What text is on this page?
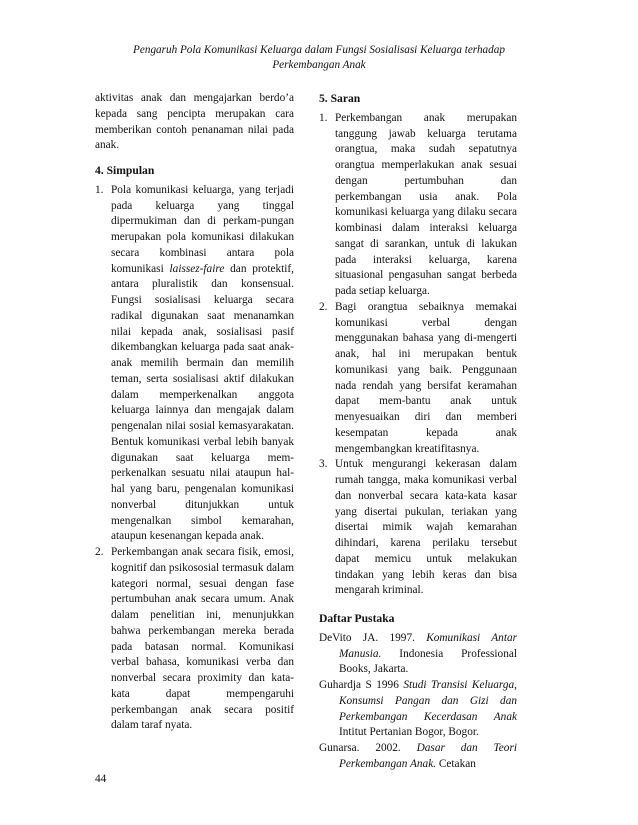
Pengaruh Pola Komunikasi Keluarga dalam Fungsi Sosialisasi Keluarga terhadap
Perkembangan Anak

aktivitas anak dan mengajarkan berdo’a kepada sang pencipta merupakan cara memberikan contoh penanaman nilai pada anak.

4. Simpulan
1. Pola komunikasi keluarga, yang terjadi pada keluarga yang tinggal dipermukiman dan di perkam-pungan merupakan pola komunikasi dilakukan secara kombinasi antara pola komunikasi laissez-faire dan protektif, antara pluralistik dan konsensual. Fungsi sosialisasi keluarga secara radikal digunakan saat menanamkan nilai kepada anak, sosialisasi pasif dikembangkan keluarga pada saat anak-anak memilih bermain dan memilih teman, serta sosialisasi aktif dilakukan dalam memperkenalkan anggota keluarga lainnya dan mengajak dalam pengenalan nilai sosial kemasyarakatan. Bentuk komunikasi verbal lebih banyak digunakan saat keluarga mem-perkenalkan sesuatu nilai ataupun hal-hal yang baru, pengenalan komunikasi nonverbal ditunjukkan untuk mengenalkan simbol kemarahan, ataupun kesenangan kepada anak.
2. Perkembangan anak secara fisik, emosi, kognitif dan psikososial termasuk dalam kategori normal, sesuai dengan fase pertumbuhan anak secara umum. Anak dalam penelitian ini, menunjukkan bahwa perkembangan mereka berada pada batasan normal. Komunikasi verbal bahasa, komunikasi verba dan nonverbal secara proximity dan kata-kata dapat mempengaruhi perkembangan anak secara positif dalam taraf nyata.
5. Saran
1. Perkembangan anak merupakan tanggung jawab keluarga terutama orangtua, maka sudah sepatutnya orangtua memperlakukan anak sesuai dengan pertumbuhan dan perkembangan usia anak. Pola komunikasi keluarga yang dilaku secara kombinasi dalam interaksi keluarga sangat di sarankan, untuk di lakukan pada interaksi keluarga, karena situasional pengasuhan sangat berbeda pada setiap keluarga.
2. Bagi orangtua sebaiknya memakai komunikasi verbal dengan menggunakan bahasa yang di-mengerti anak, hal ini merupakan bentuk komunikasi yang baik. Penggunaan nada rendah yang bersifat keramahan dapat mem-bantu anak untuk menyesuaikan diri dan memberi kesempatan kepada anak mengembangkan kreatifitasnya.
3. Untuk mengurangi kekerasan dalam rumah tangga, maka komunikasi verbal dan nonverbal secara kata-kata kasar yang disertai pukulan, teriakan yang disertai mimik wajah kemarahan dihindari, karena perilaku tersebut dapat memicu untuk melakukan tindakan yang lebih keras dan bisa mengarah kriminal.
Daftar Pustaka
DeVito JA. 1997. Komunikasi Antar Manusia. Indonesia Professional Books, Jakarta.
Guhardja S 1996 Studi Transisi Keluarga, Konsumsi Pangan dan Gizi dan Perkembangan Kecerdasan Anak Intitut Pertanian Bogor, Bogor.
Gunarsa. 2002. Dasar dan Teori Perkembangan Anak. Cetakan
44
